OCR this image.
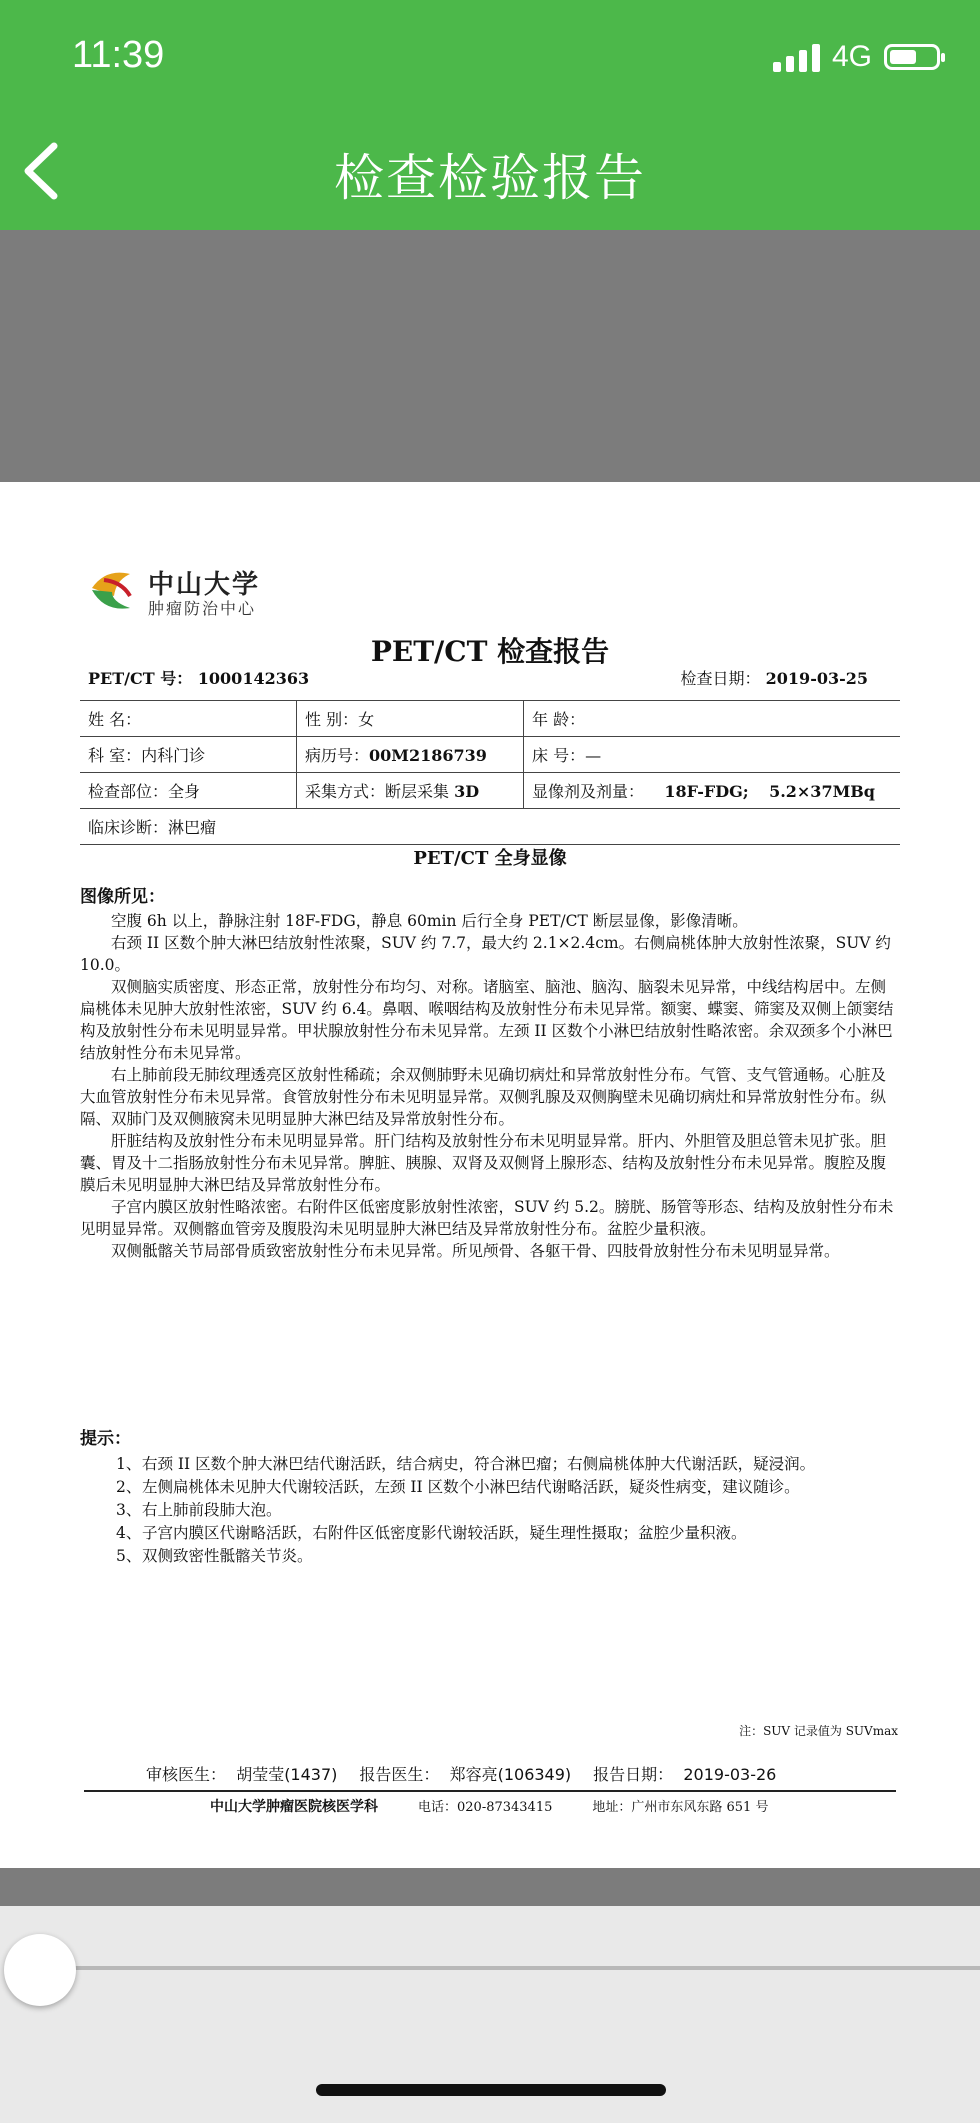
11:39	4G
检查检验报告
中山大学
肿瘤防治中心
PET/CT 检查报告
PET/CT 号： 1000142363	检查日期： 2019-03-25
姓 名：	性 别：女	年 龄：
科 室：内科门诊	病历号：00M2186739	床 号：—
检查部位：全身	采集方式：断层采集 3D	显像剂及剂量： 18F-FDG; 5.2×37MBq
临床诊断：淋巴瘤		
PET/CT 全身显像
图像所见：

空腹 6h 以上，静脉注射 18F-FDG，静息 60min 后行全身 PET/CT 断层显像，影像清晰。

右颈 II 区数个肿大淋巴结放射性浓聚，SUV 约 7.7，最大约 2.1×2.4cm。右侧扁桃体肿大放射性浓聚，SUV 约 10.0。

双侧脑实质密度、形态正常，放射性分布均匀、对称。诸脑室、脑池、脑沟、脑裂未见异常，中线结构居中。左侧扁桃体未见肿大放射性浓密，SUV 约 6.4。鼻咽、喉咽结构及放射性分布未见异常。额窦、蝶窦、筛窦及双侧上颌窦结构及放射性分布未见明显异常。甲状腺放射性分布未见异常。左颈 II 区数个小淋巴结放射性略浓密。余双颈多个小淋巴结放射性分布未见异常。

右上肺前段无肺纹理透亮区放射性稀疏；余双侧肺野未见确切病灶和异常放射性分布。气管、支气管通畅。心脏及大血管放射性分布未见异常。食管放射性分布未见明显异常。双侧乳腺及双侧胸壁未见确切病灶和异常放射性分布。纵隔、双肺门及双侧腋窝未见明显肿大淋巴结及异常放射性分布。

肝脏结构及放射性分布未见明显异常。肝门结构及放射性分布未见明显异常。肝内、外胆管及胆总管未见扩张。胆囊、胃及十二指肠放射性分布未见异常。脾脏、胰腺、双肾及双侧肾上腺形态、结构及放射性分布未见异常。腹腔及腹膜后未见明显肿大淋巴结及异常放射性分布。

子宫内膜区放射性略浓密。右附件区低密度影放射性浓密，SUV 约 5.2。膀胱、肠管等形态、结构及放射性分布未见明显异常。双侧髂血管旁及腹股沟未见明显肿大淋巴结及异常放射性分布。盆腔少量积液。

双侧骶髂关节局部骨质致密放射性分布未见异常。所见颅骨、各躯干骨、四肢骨放射性分布未见明显异常。

提示：
1、 右颈 II 区数个肿大淋巴结代谢活跃，结合病史，符合淋巴瘤；右侧扁桃体肿大代谢活跃，疑浸润。
2、 左侧扁桃体未见肿大代谢较活跃，左颈 II 区数个小淋巴结代谢略活跃，疑炎性病变，建议随诊。
3、 右上肺前段肺大泡。
4、 子宫内膜区代谢略活跃，右附件区低密度影代谢较活跃，疑生理性摄取；盆腔少量积液。
5、 双侧致密性骶髂关节炎。
注：SUV 记录值为 SUVmax
审核医生： 胡莹莹(1437) 报告医生： 郑容亮(106349) 报告日期： 2019-03-26
中山大学肿瘤医院核医学科	电话：020-87343415	地址：广州市东风东路 651 号
